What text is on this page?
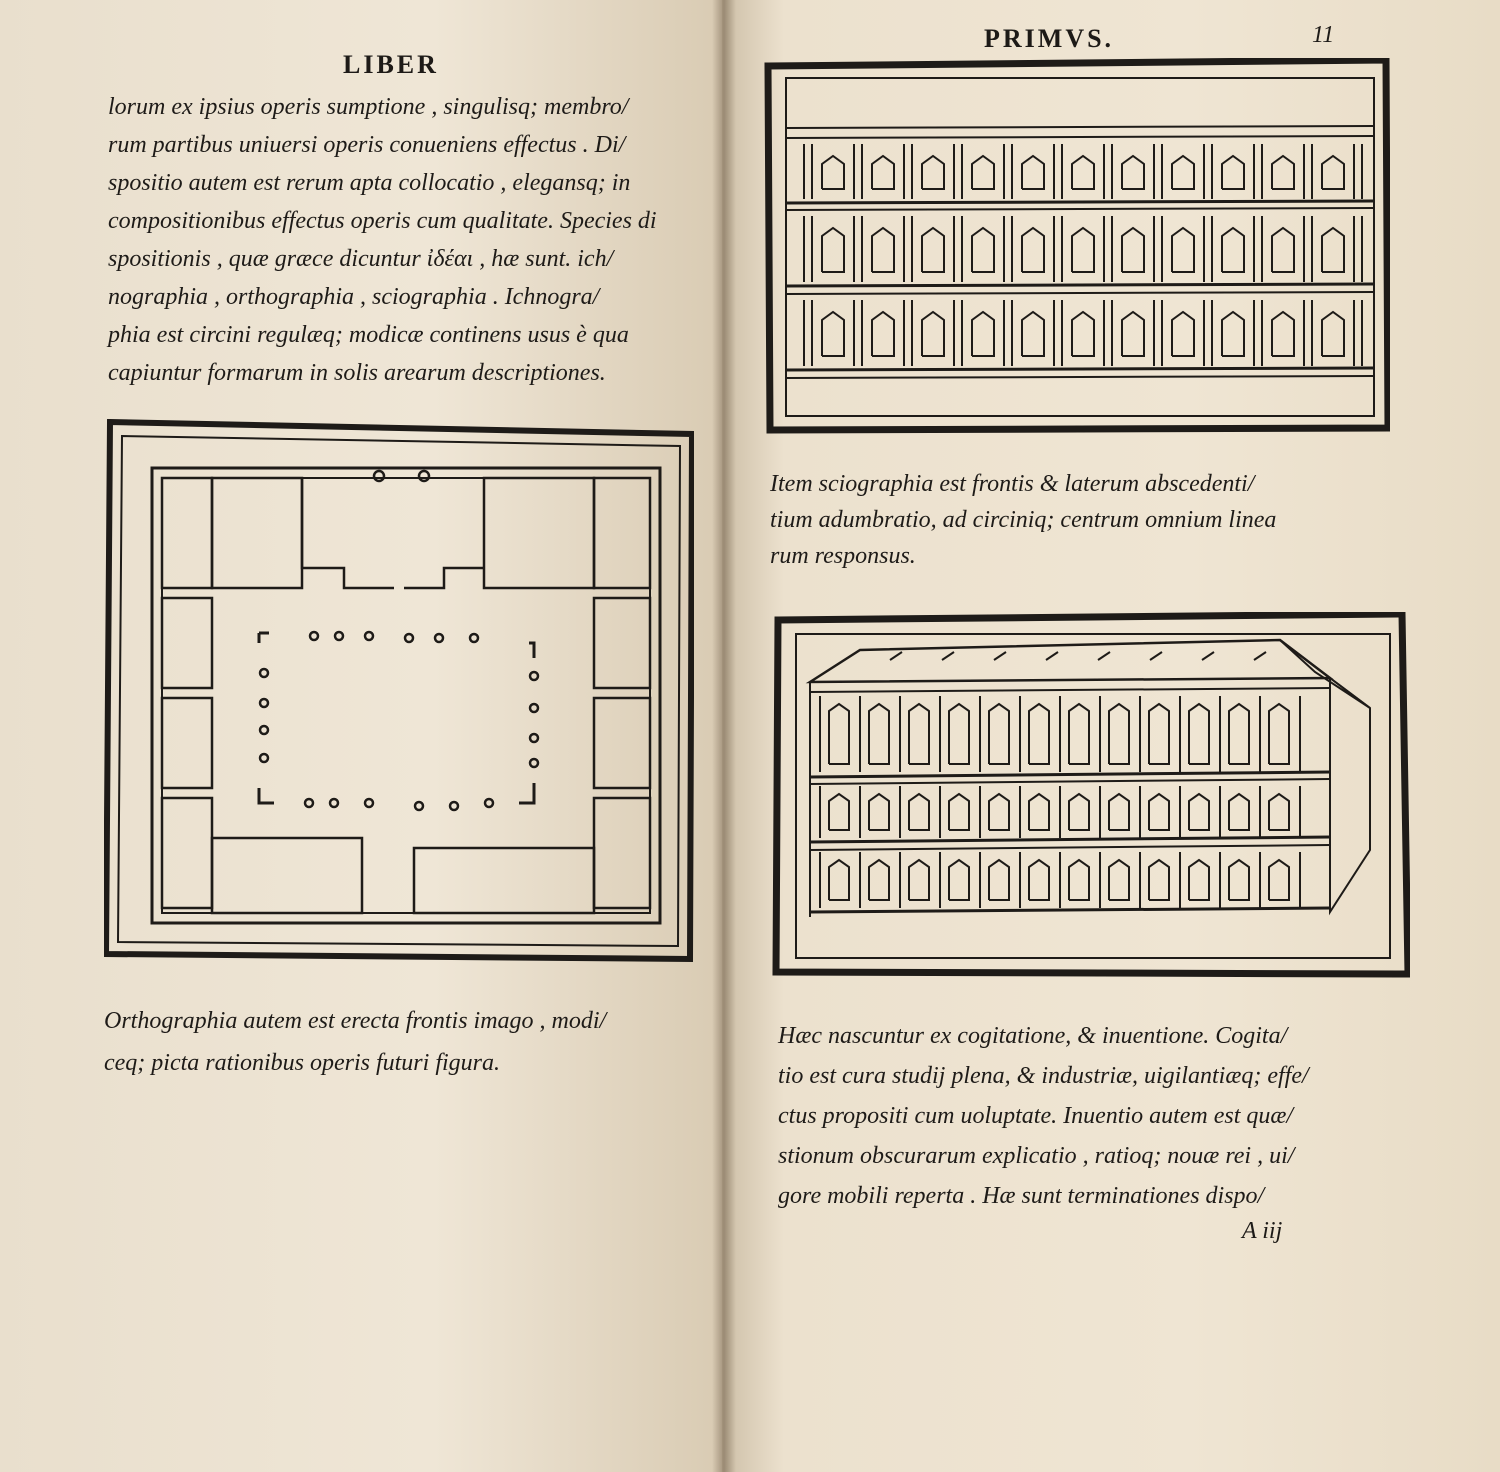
LIBER
lorum ex ipsius operis sumptione , singulisq; membro/
rum partibus uniuersi operis conueniens effectus . Di/
spositio autem est rerum apta collocatio , elegansq; in
compositionibus effectus operis cum qualitate. Species di
spositionis , quæ græce dicuntur ἰδέαι , hæ sunt. ich/
nographia , orthographia , sciographia . Ichnogra/
phia est circini regulæq; modicæ continens usus è qua
capiuntur formarum in solis arearum descriptiones.
Orthographia autem est erecta frontis imago , modi/
ceq; picta rationibus operis futuri figura.
PRIMVS.	11
Item sciographia est frontis & laterum abscedenti/
tium adumbratio, ad circiniq; centrum omnium linea
rum responsus.
Hæc nascuntur ex cogitatione, & inuentione. Cogita/
tio est cura studij plena, & industriæ, uigilantiæq; effe/
ctus propositi cum uoluptate. Inuentio autem est quæ/
stionum obscurarum explicatio , ratioq; nouæ rei , ui/
gore mobili reperta . Hæ sunt terminationes dispo/
A iij
